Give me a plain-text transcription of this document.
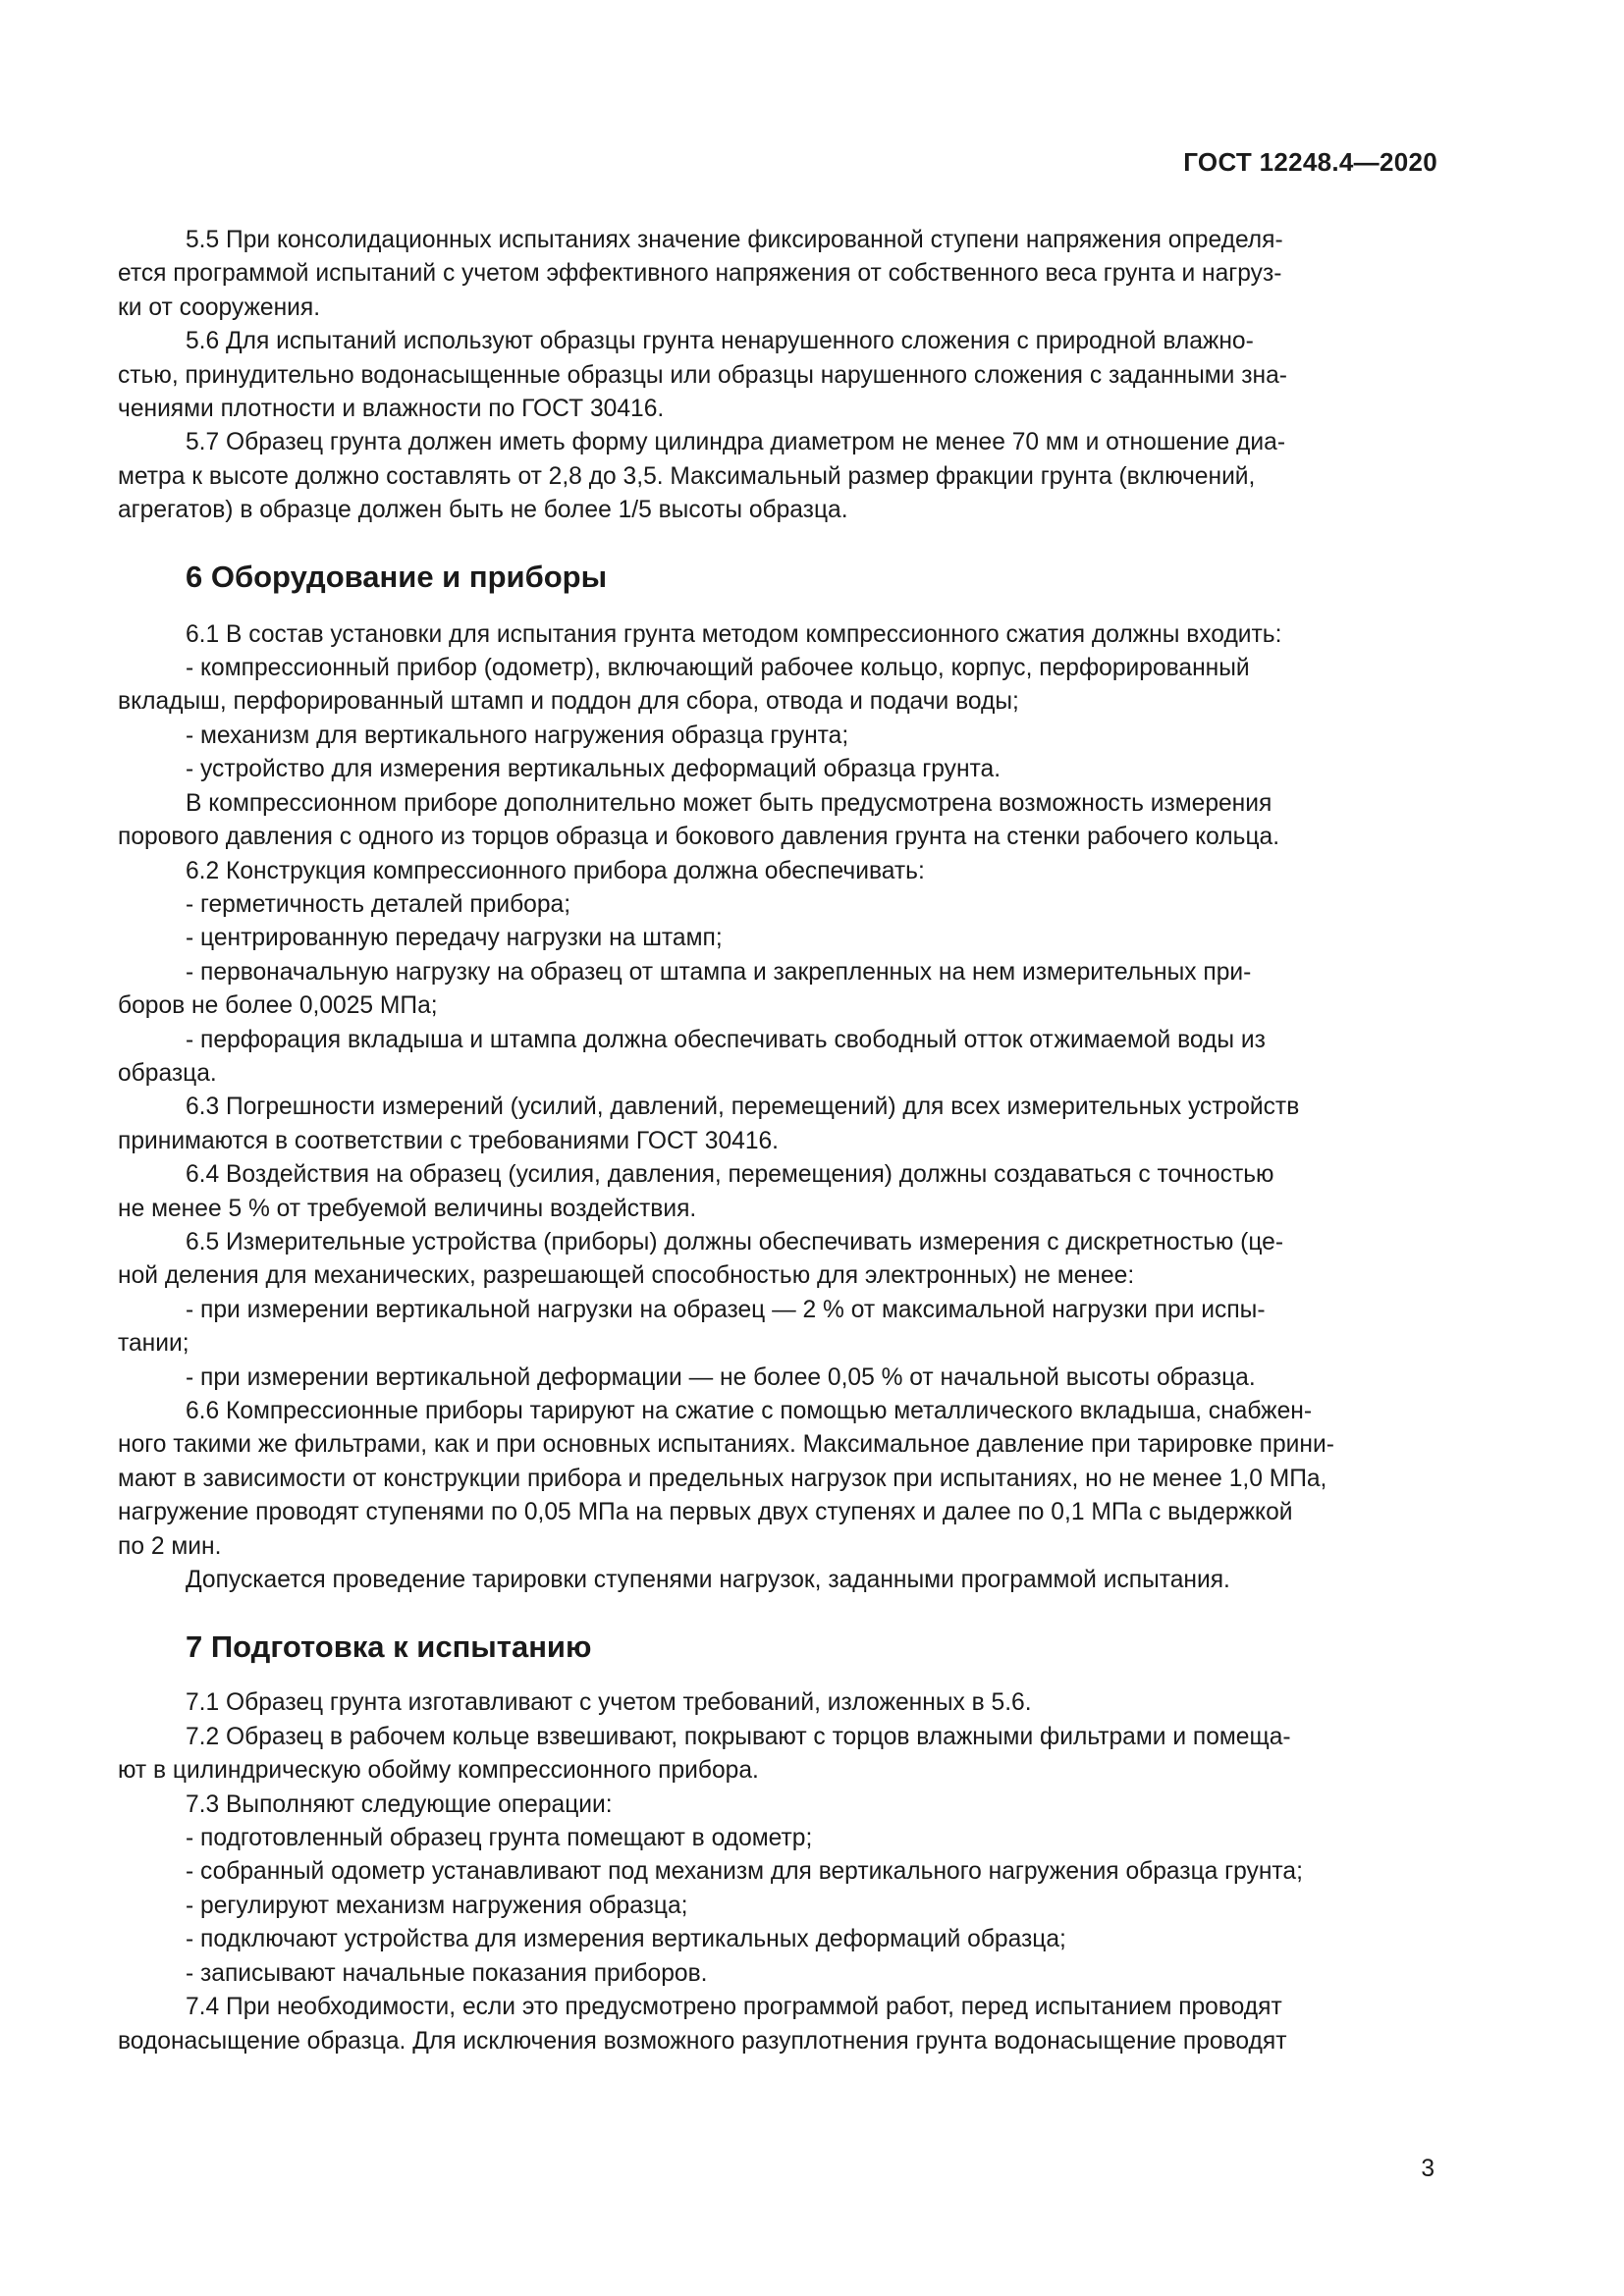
ГОСТ 12248.4—2020

5.5 При консолидационных испытаниях значение фиксированной ступени напряжения определя-
ется программой испытаний с учетом эффективного напряжения от собственного веса грунта и нагруз-
ки от сооружения.

5.6 Для испытаний используют образцы грунта ненарушенного сложения с природной влажно-
стью, принудительно водонасыщенные образцы или образцы нарушенного сложения с заданными зна-
чениями плотности и влажности по ГОСТ 30416.

5.7 Образец грунта должен иметь форму цилиндра диаметром не менее 70 мм и отношение диа-
метра к высоте должно составлять от 2,8 до 3,5. Максимальный размер фракции грунта (включений,
агрегатов) в образце должен быть не более 1/5 высоты образца.

6 Оборудование и приборы

6.1 В состав установки для испытания грунта методом компрессионного сжатия должны входить:

- компрессионный прибор (одометр), включающий рабочее кольцо, корпус, перфорированный
вкладыш, перфорированный штамп и поддон для сбора, отвода и подачи воды;

- механизм для вертикального нагружения образца грунта;

- устройство для измерения вертикальных деформаций образца грунта.

В компрессионном приборе дополнительно может быть предусмотрена возможность измерения
порового давления с одного из торцов образца и бокового давления грунта на стенки рабочего кольца.

6.2 Конструкция компрессионного прибора должна обеспечивать:

- герметичность деталей прибора;

- центрированную передачу нагрузки на штамп;

- первоначальную нагрузку на образец от штампа и закрепленных на нем измерительных при-
боров не более 0,0025 МПа;

- перфорация вкладыша и штампа должна обеспечивать свободный отток отжимаемой воды из
образца.

6.3 Погрешности измерений (усилий, давлений, перемещений) для всех измерительных устройств
принимаются в соответствии с требованиями ГОСТ 30416.

6.4 Воздействия на образец (усилия, давления, перемещения) должны создаваться с точностью
не менее 5 % от требуемой величины воздействия.

6.5 Измерительные устройства (приборы) должны обеспечивать измерения с дискретностью (це-
ной деления для механических, разрешающей способностью для электронных) не менее:

- при измерении вертикальной нагрузки на образец — 2 % от максимальной нагрузки при испы-
тании;

- при измерении вертикальной деформации — не более 0,05 % от начальной высоты образца.

6.6 Компрессионные приборы тарируют на сжатие с помощью металлического вкладыша, снабжен-
ного такими же фильтрами, как и при основных испытаниях. Максимальное давление при тарировке прини-
мают в зависимости от конструкции прибора и предельных нагрузок при испытаниях, но не менее 1,0 МПа,
нагружение проводят ступенями по 0,05 МПа на первых двух ступенях и далее по 0,1 МПа с выдержкой
по 2 мин.

Допускается проведение тарировки ступенями нагрузок, заданными программой испытания.

7 Подготовка к испытанию

7.1 Образец грунта изготавливают с учетом требований, изложенных в 5.6.

7.2 Образец в рабочем кольце взвешивают, покрывают с торцов влажными фильтрами и помеща-
ют в цилиндрическую обойму компрессионного прибора.

7.3 Выполняют следующие операции:

- подготовленный образец грунта помещают в одометр;

- собранный одометр устанавливают под механизм для вертикального нагружения образца грунта;

- регулируют механизм нагружения образца;

- подключают устройства для измерения вертикальных деформаций образца;

- записывают начальные показания приборов.

7.4 При необходимости, если это предусмотрено программой работ, перед испытанием проводят
водонасыщение образца. Для исключения возможного разуплотнения грунта водонасыщение проводят

3
